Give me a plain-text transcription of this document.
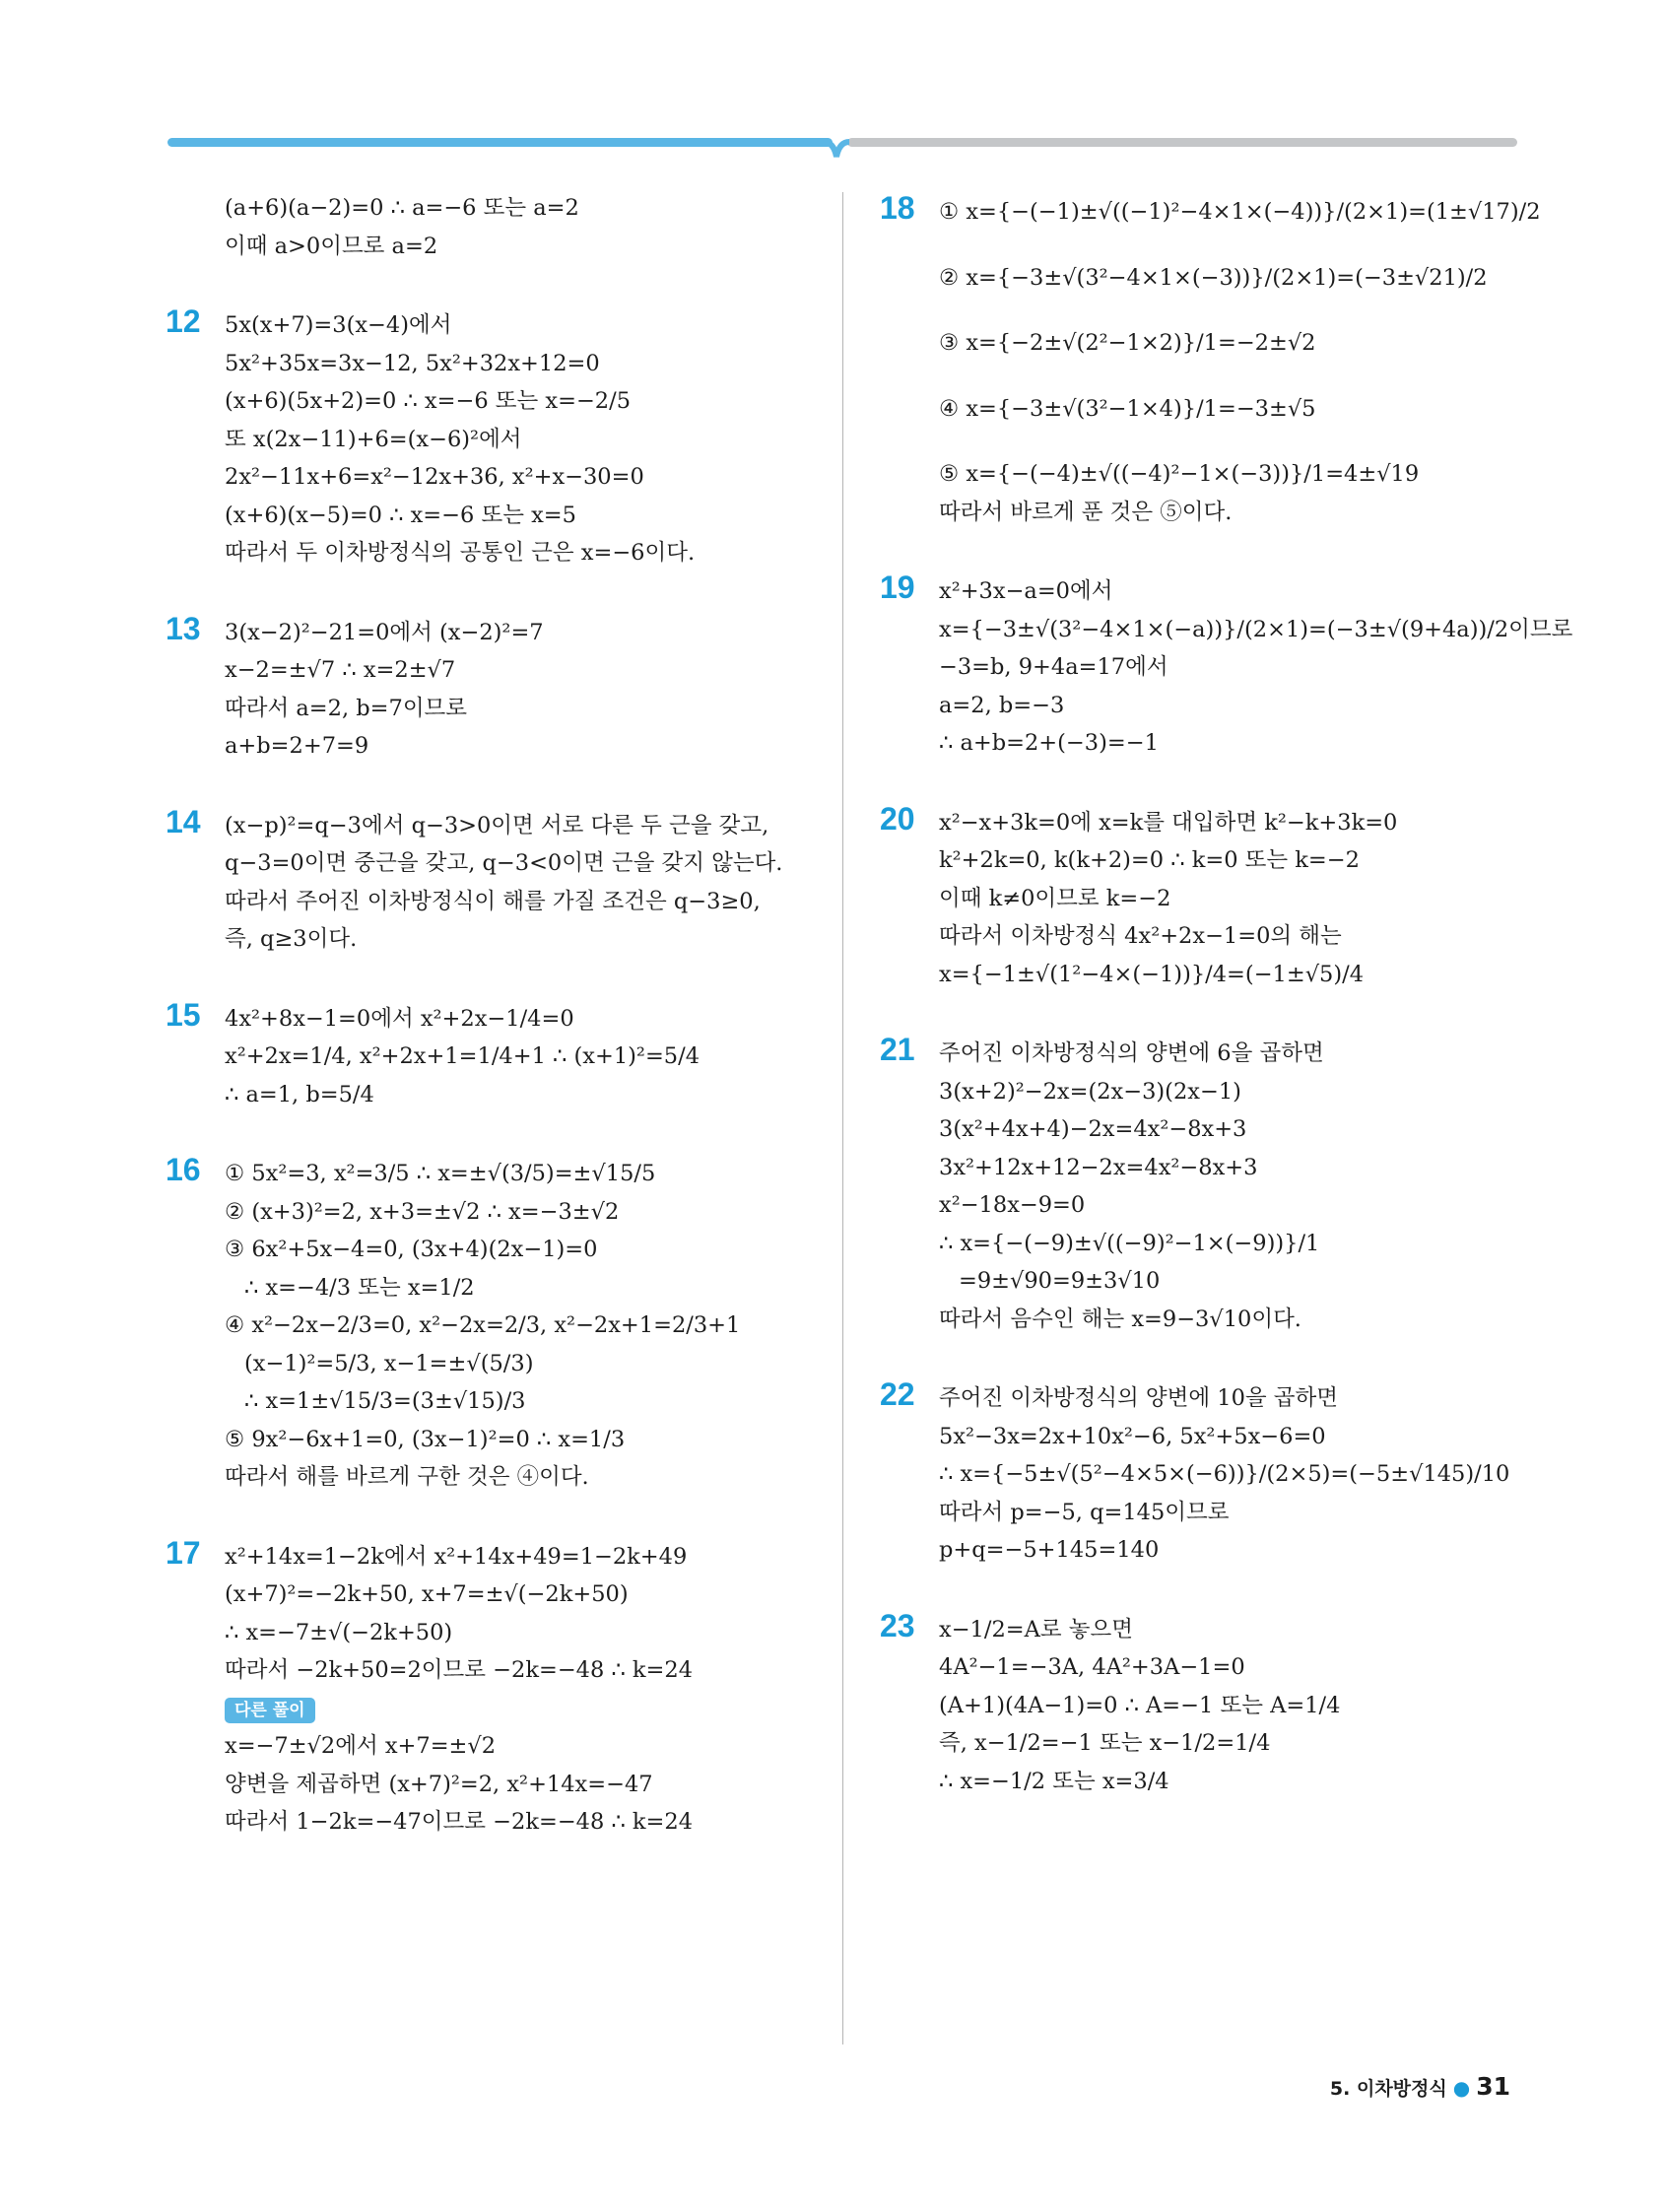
(a+6)(a−2)=0 ∴ a=−6 또는 a=2
이때 a>0이므로 a=2
12 5x(x+7)=3(x−4)에서
5x²+35x=3x−12, 5x²+32x+12=0
(x+6)(5x+2)=0 ∴ x=−6 또는 x=−2/5
또 x(2x−11)+6=(x−6)²에서
2x²−11x+6=x²−12x+36, x²+x−30=0
(x+6)(x−5)=0 ∴ x=−6 또는 x=5
따라서 두 이차방정식의 공통인 근은 x=−6이다.
13 3(x−2)²−21=0에서 (x−2)²=7
x−2=±√7 ∴ x=2±√7
따라서 a=2, b=7이므로
a+b=2+7=9
14 (x−p)²=q−3에서 q−3>0이면 서로 다른 두 근을 갖고,
q−3=0이면 중근을 갖고, q−3<0이면 근을 갖지 않는다.
따라서 주어진 이차방정식이 해를 가질 조건은 q−3≥0,
즉, q≥3이다.
15 4x²+8x−1=0에서 x²+2x−1/4=0
x²+2x=1/4, x²+2x+1=1/4+1 ∴ (x+1)²=5/4
∴ a=1, b=5/4
16 ① 5x²=3, x²=3/5 ∴ x=±√(3/5)=±√15/5
② (x+3)²=2, x+3=±√2 ∴ x=−3±√2
③ 6x²+5x−4=0, (3x+4)(2x−1)=0
∴ x=−4/3 또는 x=1/2
④ x²−2x−2/3=0, x²−2x=2/3, x²−2x+1=2/3+1
(x−1)²=5/3, x−1=±√(5/3)
∴ x=1±√15/3=(3±√15)/3
⑤ 9x²−6x+1=0, (3x−1)²=0 ∴ x=1/3
따라서 해를 바르게 구한 것은 ④이다.
17 x²+14x=1−2k에서 x²+14x+49=1−2k+49
(x+7)²=−2k+50, x+7=±√(−2k+50)
∴ x=−7±√(−2k+50)
따라서 −2k+50=2이므로 −2k=−48 ∴ k=24
다른 풀이
x=−7±√2에서 x+7=±√2
양변을 제곱하면 (x+7)²=2, x²+14x=−47
따라서 1−2k=−47이므로 −2k=−48 ∴ k=24
18 ① x={−(−1)±√((−1)²−4×1×(−4))}/(2×1)=(1±√17)/2
② x={−3±√(3²−4×1×(−3))}/(2×1)=(−3±√21)/2
③ x={−2±√(2²−1×2)}/1=−2±√2
④ x={−3±√(3²−1×4)}/1=−3±√5
⑤ x={−(−4)±√((−4)²−1×(−3))}/1=4±√19
따라서 바르게 푼 것은 ⑤이다.
19 x²+3x−a=0에서
x={−3±√(3²−4×1×(−a))}/(2×1)=(−3±√(9+4a))/2이므로
−3=b, 9+4a=17에서
a=2, b=−3
∴ a+b=2+(−3)=−1
20 x²−x+3k=0에 x=k를 대입하면 k²−k+3k=0
k²+2k=0, k(k+2)=0 ∴ k=0 또는 k=−2
이때 k≠0이므로 k=−2
따라서 이차방정식 4x²+2x−1=0의 해는
x={−1±√(1²−4×(−1))}/4=(−1±√5)/4
21 주어진 이차방정식의 양변에 6을 곱하면
3(x+2)²−2x=(2x−3)(2x−1)
3(x²+4x+4)−2x=4x²−8x+3
3x²+12x+12−2x=4x²−8x+3
x²−18x−9=0
∴ x={−(−9)±√((−9)²−1×(−9))}/1
=9±√90=9±3√10
따라서 음수인 해는 x=9−3√10이다.
22 주어진 이차방정식의 양변에 10을 곱하면
5x²−3x=2x+10x²−6, 5x²+5x−6=0
∴ x={−5±√(5²−4×5×(−6))}/(2×5)=(−5±√145)/10
따라서 p=−5, q=145이므로
p+q=−5+145=140
23 x−1/2=A로 놓으면
4A²−1=−3A, 4A²+3A−1=0
(A+1)(4A−1)=0 ∴ A=−1 또는 A=1/4
즉, x−1/2=−1 또는 x−1/2=1/4
∴ x=−1/2 또는 x=3/4
5. 이차방정식 ● 31
